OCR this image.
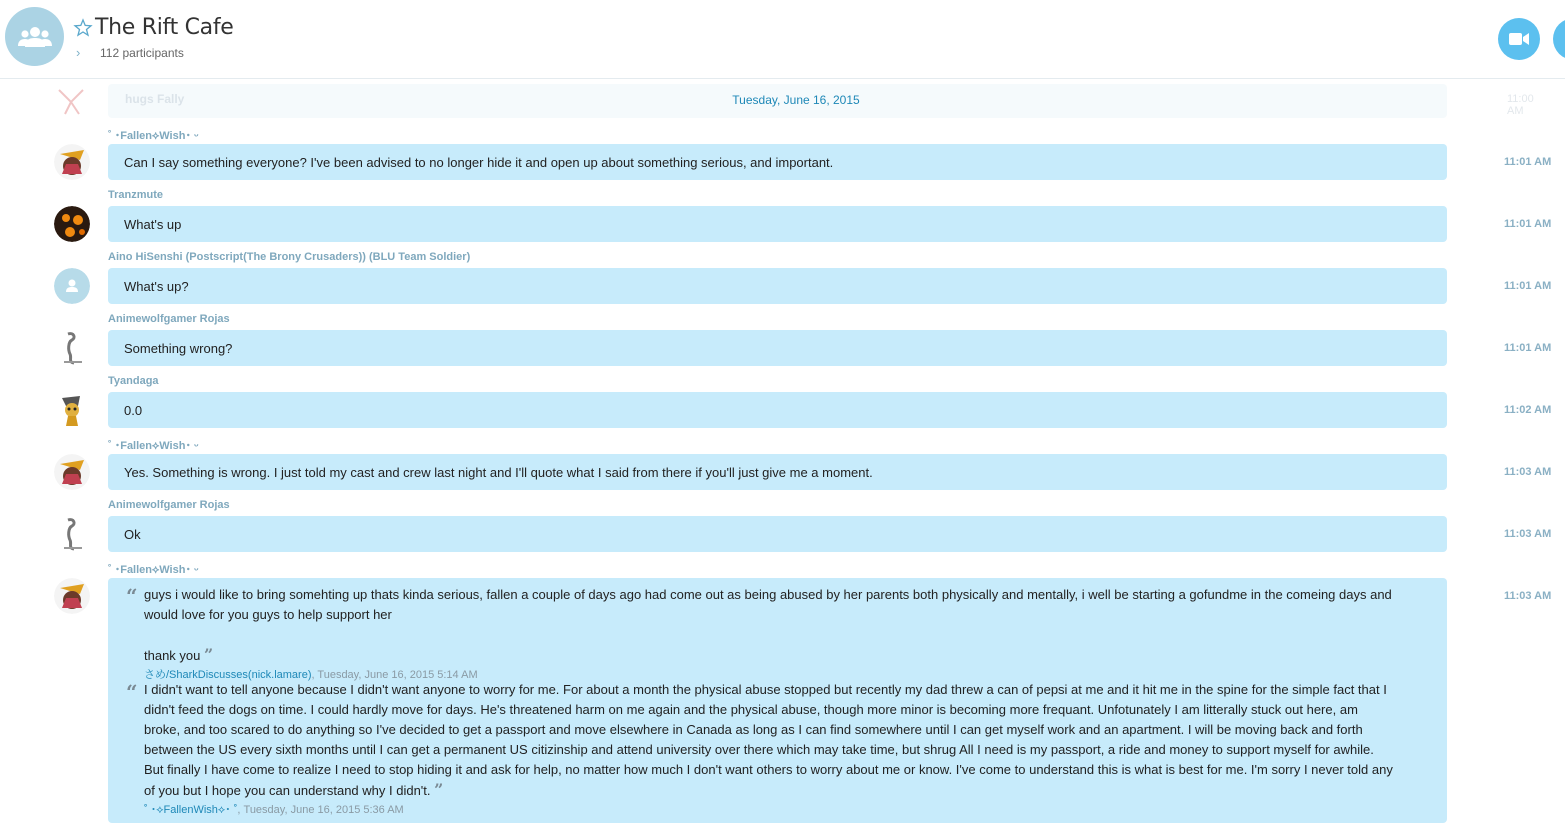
The Rift Cafe
› 112 participants
hugs Fally	11:00 AM
Tuesday, June 16, 2015
˚ ･Fallen⟡Wish･ ᵕ
Can I say something everyone? I've been advised to no longer hide it and open up about something serious, and important.	11:01 AM
Tranzmute
What's up	11:01 AM
Aino HiSenshi (Postscript(The Brony Crusaders)) (BLU Team Soldier)
What's up?	11:01 AM
Animewolfgamer Rojas
Something wrong?	11:01 AM
Tyandaga
0.0	11:02 AM
˚ ･Fallen⟡Wish･ ᵕ
Yes. Something is wrong. I just told my cast and crew last night and I'll quote what I said from there if you'll just give me a moment.	11:03 AM
Animewolfgamer Rojas
Ok	11:03 AM
˚ ･Fallen⟡Wish･ ᵕ
11:03 AM
“ guys i would like to bring somehting up thats kinda serious, fallen a couple of days ago had come out as being abused by her parents both physically and mentally, i well be starting a gofundme in the comeing days and would love for you guys to help support her
thank you ”
さめ/SharkDiscusses(nick.lamare), Tuesday, June 16, 2015 5:14 AM
“ I didn't want to tell anyone because I didn't want anyone to worry for me. For about a month the physical abuse stopped but recently my dad threw a can of pepsi at me and it hit me in the spine for the simple fact that I didn't feed the dogs on time. I could hardly move for days. He's threatened harm on me again and the physical abuse, though more minor is becoming more frequant. Unfotunately I am litterally stuck out here, am broke, and too scared to do anything so I've decided to get a passport and move elsewhere in Canada as long as I can find somewhere until I can get myself work and an apartment. I will be moving back and forth between the US every sixth months until I can get a permanent US citizinship and attend university over there which may take time, but shrug All I need is my passport, a ride and money to support myself for awhile. But finally I have come to realize I need to stop hiding it and ask for help, no matter how much I don't want others to worry about me or know. I've come to understand this is what is best for me. I'm sorry I never told any of you but I hope you can understand why I didn't. ”
˚ ･⟡FallenWish⟡･ ˚, Tuesday, June 16, 2015 5:36 AM
